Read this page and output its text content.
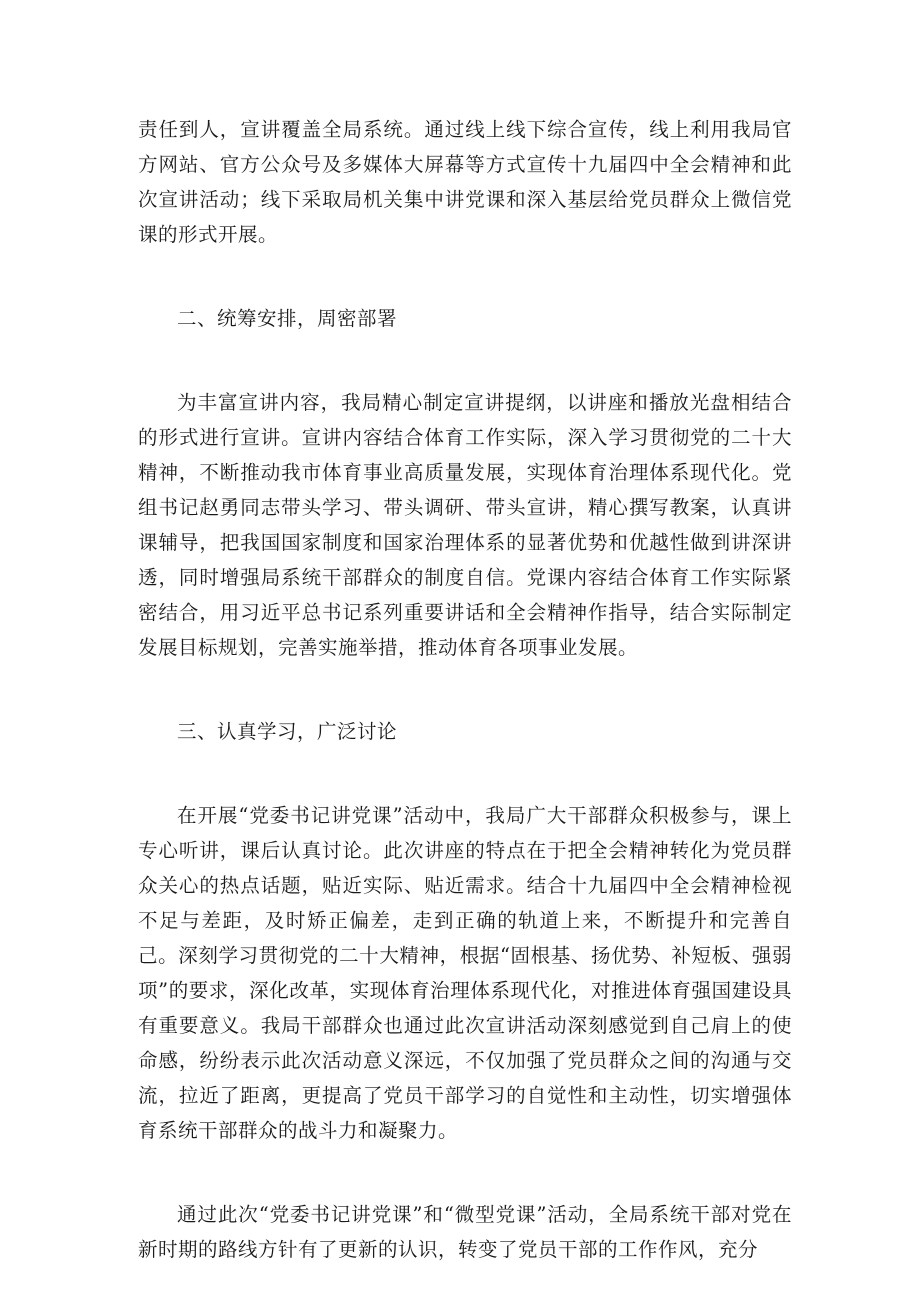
责任到人，宣讲覆盖全局系统。通过线上线下综合宣传，线上利用我局官方网站、官方公众号及多媒体大屏幕等方式宣传十九届四中全会精神和此次宣讲活动；线下采取局机关集中讲党课和深入基层给党员群众上微信党课的形式开展。

二、统筹安排，周密部署

为丰富宣讲内容，我局精心制定宣讲提纲，以讲座和播放光盘相结合的形式进行宣讲。宣讲内容结合体育工作实际，深入学习贯彻党的二十大精神，不断推动我市体育事业高质量发展，实现体育治理体系现代化。党组书记赵勇同志带头学习、带头调研、带头宣讲，精心撰写教案，认真讲课辅导，把我国国家制度和国家治理体系的显著优势和优越性做到讲深讲透，同时增强局系统干部群众的制度自信。党课内容结合体育工作实际紧密结合，用习近平总书记系列重要讲话和全会精神作指导，结合实际制定发展目标规划，完善实施举措，推动体育各项事业发展。

三、认真学习，广泛讨论

在开展“党委书记讲党课”活动中，我局广大干部群众积极参与，课上专心听讲，课后认真讨论。此次讲座的特点在于把全会精神转化为党员群众关心的热点话题，贴近实际、贴近需求。结合十九届四中全会精神检视不足与差距，及时矫正偏差，走到正确的轨道上来，不断提升和完善自己。深刻学习贯彻党的二十大精神，根据“固根基、扬优势、补短板、强弱项”的要求，深化改革，实现体育治理体系现代化，对推进体育强国建设具有重要意义。我局干部群众也通过此次宣讲活动深刻感觉到自己肩上的使命感，纷纷表示此次活动意义深远，不仅加强了党员群众之间的沟通与交流，拉近了距离，更提高了党员干部学习的自觉性和主动性，切实增强体育系统干部群众的战斗力和凝聚力。

通过此次“党委书记讲党课”和“微型党课”活动，全局系统干部对党在新时期的路线方针有了更新的认识，转变了党员干部的工作作风，充分
